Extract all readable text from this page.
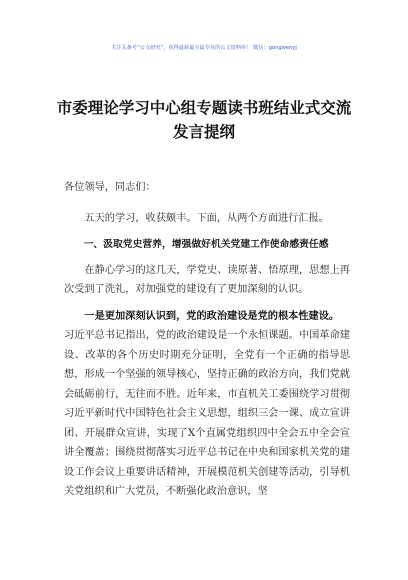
关注头条号“公文研究”，获得最新最全最专业的公文资料库！ 微信：gongwenyj
市委理论学习中心组专题读书班结业式交流发言提纲

各位领导，同志们：

五天的学习，收获颇丰。下面，从两个方面进行汇报。

一、汲取党史营养，增强做好机关党建工作使命感责任感

在静心学习的这几天，学党史、读原著、悟原理，思想上再次受到了洗礼，对加强党的建设有了更加深刻的认识。

一是更加深刻认识到，党的政治建设是党的根本性建设。

习近平总书记指出，党的政治建设是一个永恒课题。中国革命建设、改革的各个历史时期充分证明，全党有一个正确的指导思想，形成一个坚强的领导核心，坚持正确的政治方向，我们党就会砥砺前行，无往而不胜。近年来，市直机关工委围绕学习贯彻习近平新时代中国特色社会主义思想，组织三会一课、成立宣讲团、开展群众宣讲，实现了X个直属党组织四中全会五中全会宣讲全覆盖；围绕贯彻落实习近平总书记在中央和国家机关党的建设工作会议上重要讲话精神，开展模范机关创建等活动，引导机关党组织和广大党员，不断强化政治意识，坚
